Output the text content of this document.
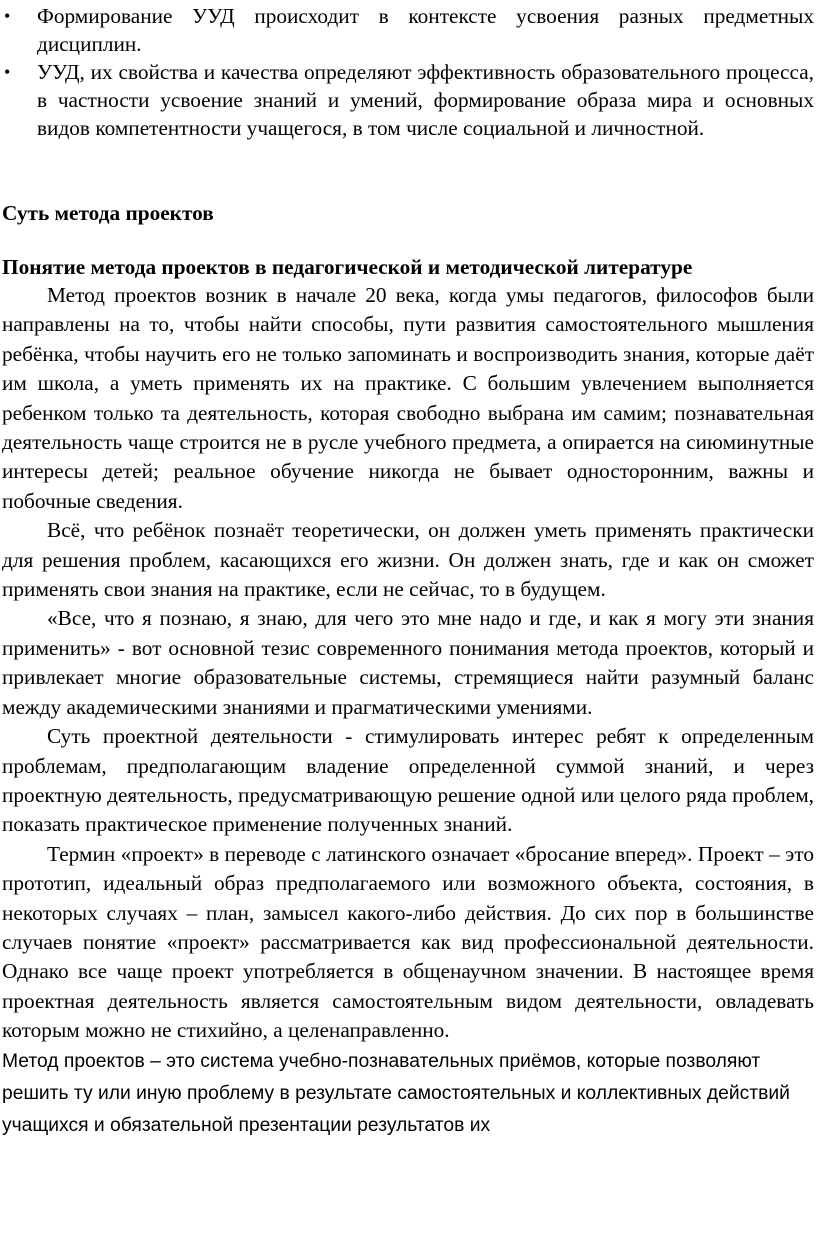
• Формирование УУД происходит в контексте усвоения разных предметных дисциплин.
• УУД, их свойства и качества определяют эффективность образовательного процесса, в частности усвоение знаний и умений, формирование образа мира и основных видов компетентности учащегося, в том числе социальной и личностной.
Суть метода проектов
Понятие метода проектов в педагогической и методической литературе

Метод проектов возник в начале 20 века, когда умы педагогов, философов были направлены на то, чтобы найти способы, пути развития самостоятельного мышления ребёнка, чтобы научить его не только запоминать и воспроизводить знания, которые даёт им школа, а уметь применять их на практике. С большим увлечением выполняется ребенком только та деятельность, которая свободно выбрана им самим; познавательная деятельность чаще строится не в русле учебного предмета, а опирается на сиюминутные интересы детей; реальное обучение никогда не бывает односторонним, важны и побочные сведения.

Всё, что ребёнок познаёт теоретически, он должен уметь применять практически для решения проблем, касающихся его жизни. Он должен знать, где и как он сможет применять свои знания на практике, если не сейчас, то в будущем.

«Все, что я познаю, я знаю, для чего это мне надо и где, и как я могу эти знания применить» - вот основной тезис современного понимания метода проектов, который и привлекает многие образовательные системы, стремящиеся найти разумный баланс между академическими знаниями и прагматическими умениями.

Суть проектной деятельности - стимулировать интерес ребят к определенным проблемам, предполагающим владение определенной суммой знаний, и через проектную деятельность, предусматривающую решение одной или целого ряда проблем, показать практическое применение полученных знаний.

Термин «проект» в переводе с латинского означает «бросание вперед». Проект – это прототип, идеальный образ предполагаемого или возможного объекта, состояния, в некоторых случаях – план, замысел какого-либо действия. До сих пор в большинстве случаев понятие «проект» рассматривается как вид профессиональной деятельности. Однако все чаще проект употребляется в общенаучном значении. В настоящее время проектная деятельность является самостоятельным видом деятельности, овладевать которым можно не стихийно, а целенаправленно.

Метод проектов – это система учебно-познавательных приёмов, которые позволяют решить ту или иную проблему в результате самостоятельных и коллективных действий учащихся и обязательной презентации результатов их
